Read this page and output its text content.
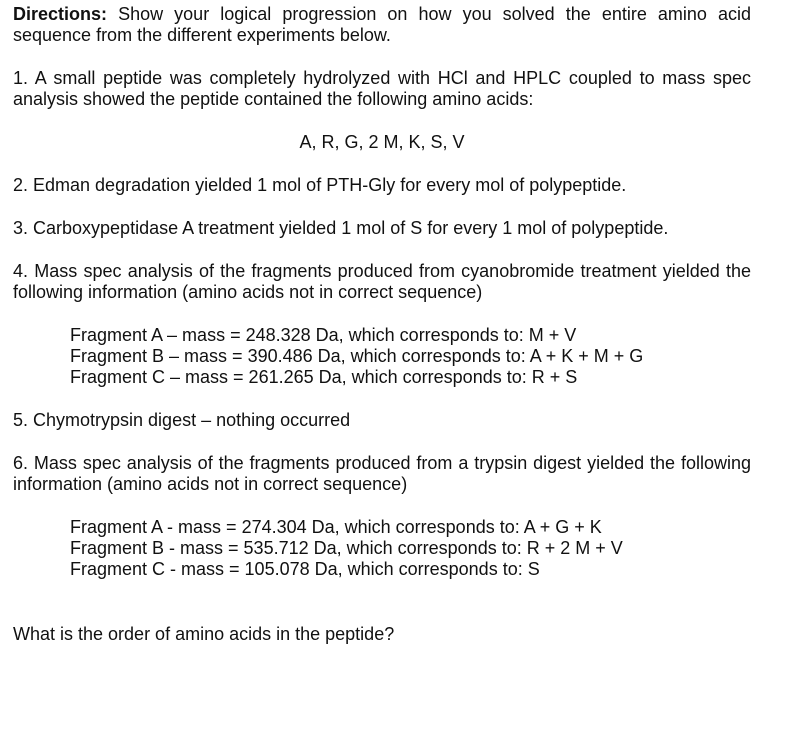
Directions: Show your logical progression on how you solved the entire amino acid sequence from the different experiments below.

1. A small peptide was completely hydrolyzed with HCl and HPLC coupled to mass spec analysis showed the peptide contained the following amino acids:

A, R, G, 2 M, K, S, V

2. Edman degradation yielded 1 mol of PTH-Gly for every mol of polypeptide.

3. Carboxypeptidase A treatment yielded 1 mol of S for every 1 mol of polypeptide.

4. Mass spec analysis of the fragments produced from cyanobromide treatment yielded the following information (amino acids not in correct sequence)

Fragment A – mass = 248.328 Da, which corresponds to: M + V
Fragment B – mass = 390.486 Da, which corresponds to: A + K + M + G
Fragment C – mass = 261.265 Da, which corresponds to: R + S

5. Chymotrypsin digest – nothing occurred

6. Mass spec analysis of the fragments produced from a trypsin digest yielded the following information (amino acids not in correct sequence)

Fragment A - mass = 274.304 Da, which corresponds to: A + G + K
Fragment B - mass = 535.712 Da, which corresponds to: R + 2 M + V
Fragment C - mass = 105.078 Da, which corresponds to: S

What is the order of amino acids in the peptide?
